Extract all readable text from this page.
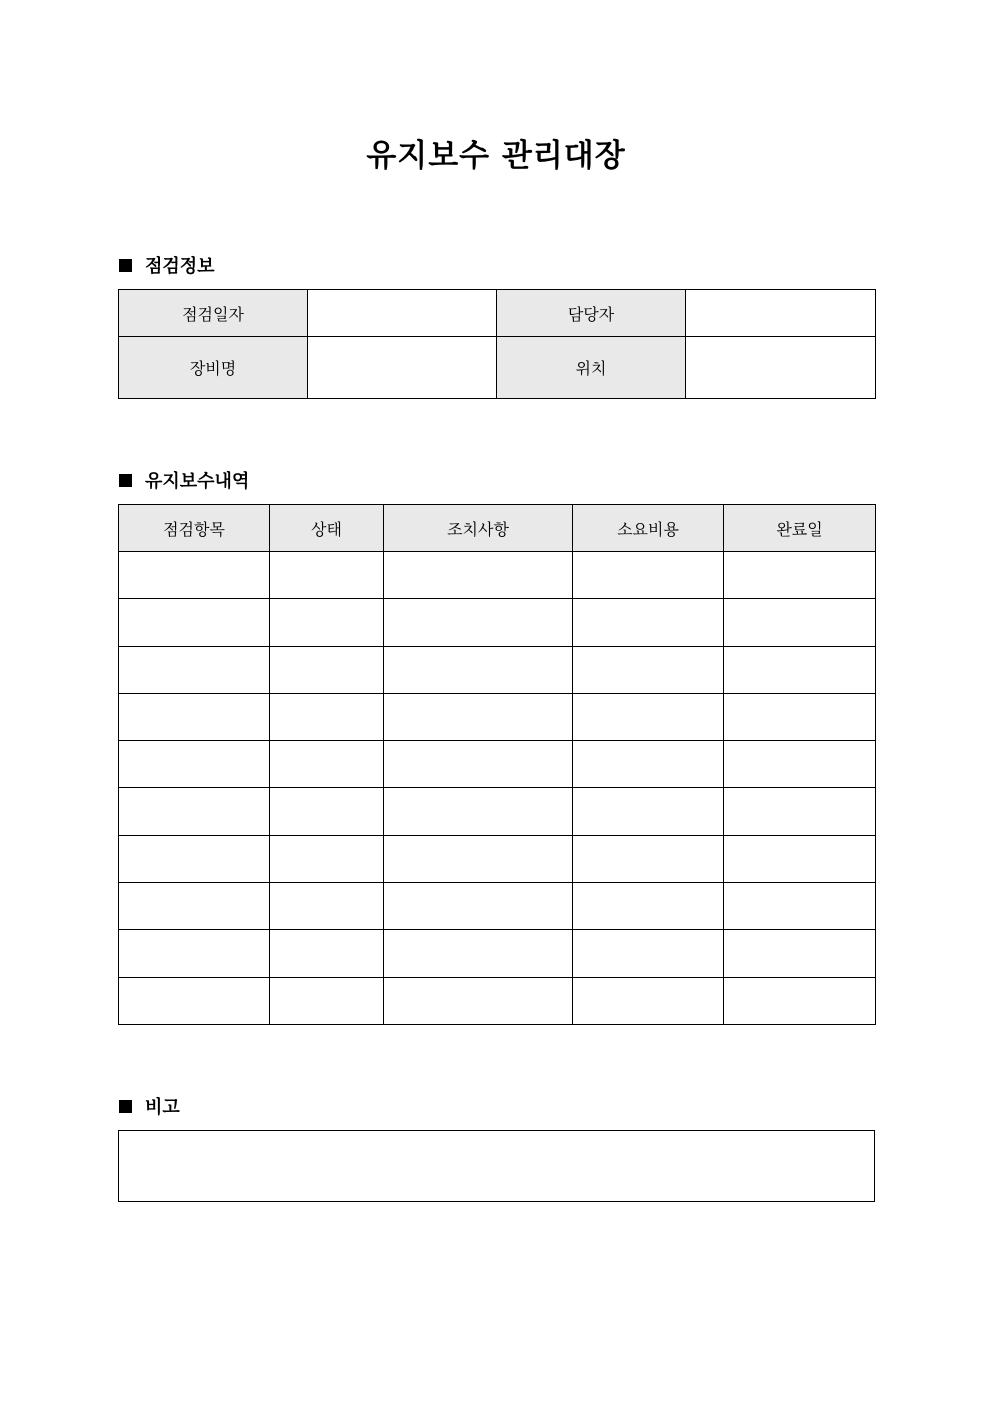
유지보수 관리대장
점검정보
점검일자		담당자	
장비명		위치	
유지보수내역
점검항목	상태	조치사항	소요비용	완료일

비고
